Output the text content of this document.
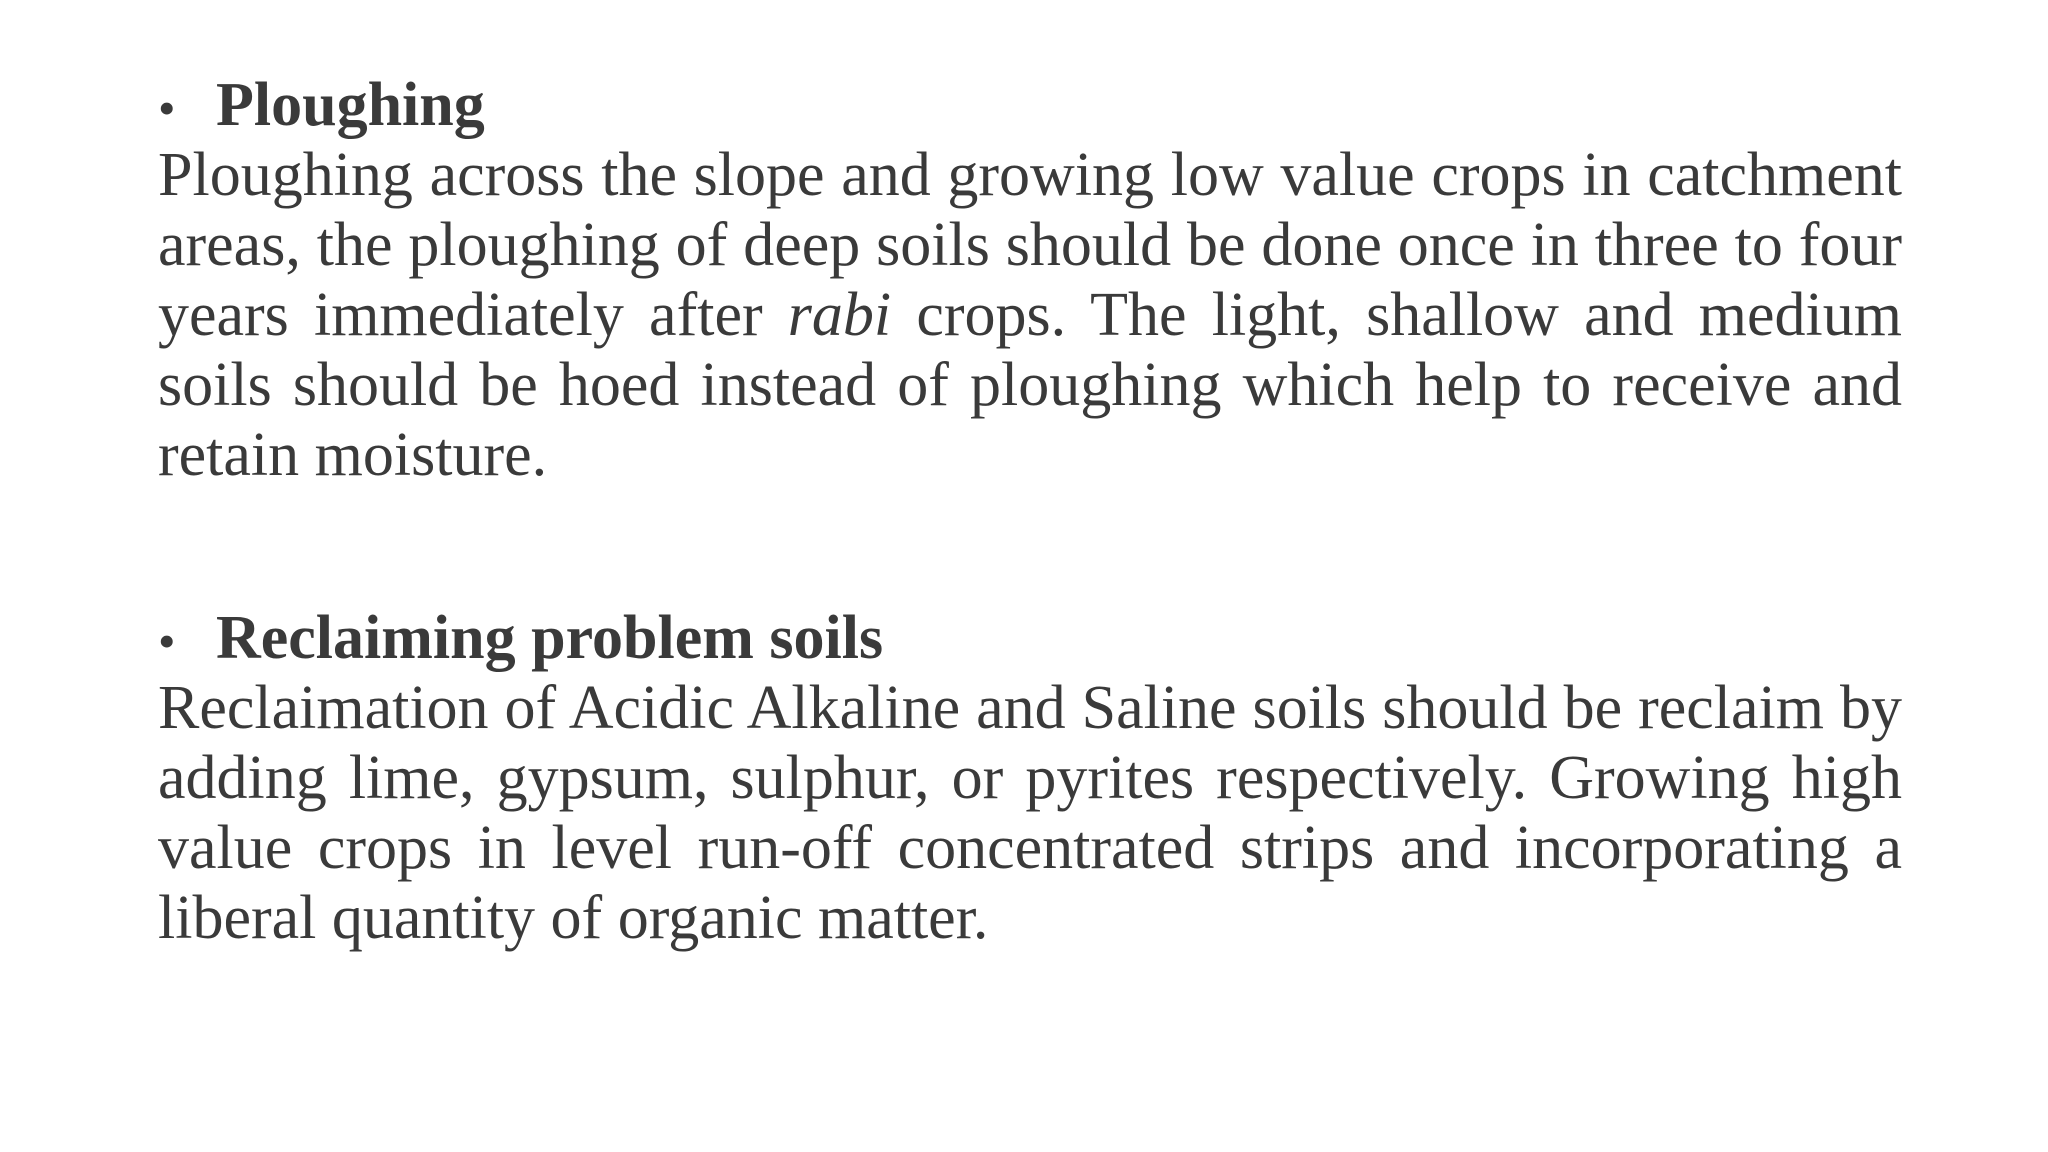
• Ploughing

Ploughing across the slope and growing low value crops in catchment areas, the ploughing of deep soils should be done once in three to four years immediately after rabi crops. The light, shallow and medium soils should be hoed instead of ploughing which help to receive and retain moisture.

• Reclaiming problem soils

Reclaimation of Acidic Alkaline and Saline soils should be reclaim by adding lime, gypsum, sulphur, or pyrites respectively. Growing high value crops in level run-off concentrated strips and incorporating a liberal quantity of organic matter.
